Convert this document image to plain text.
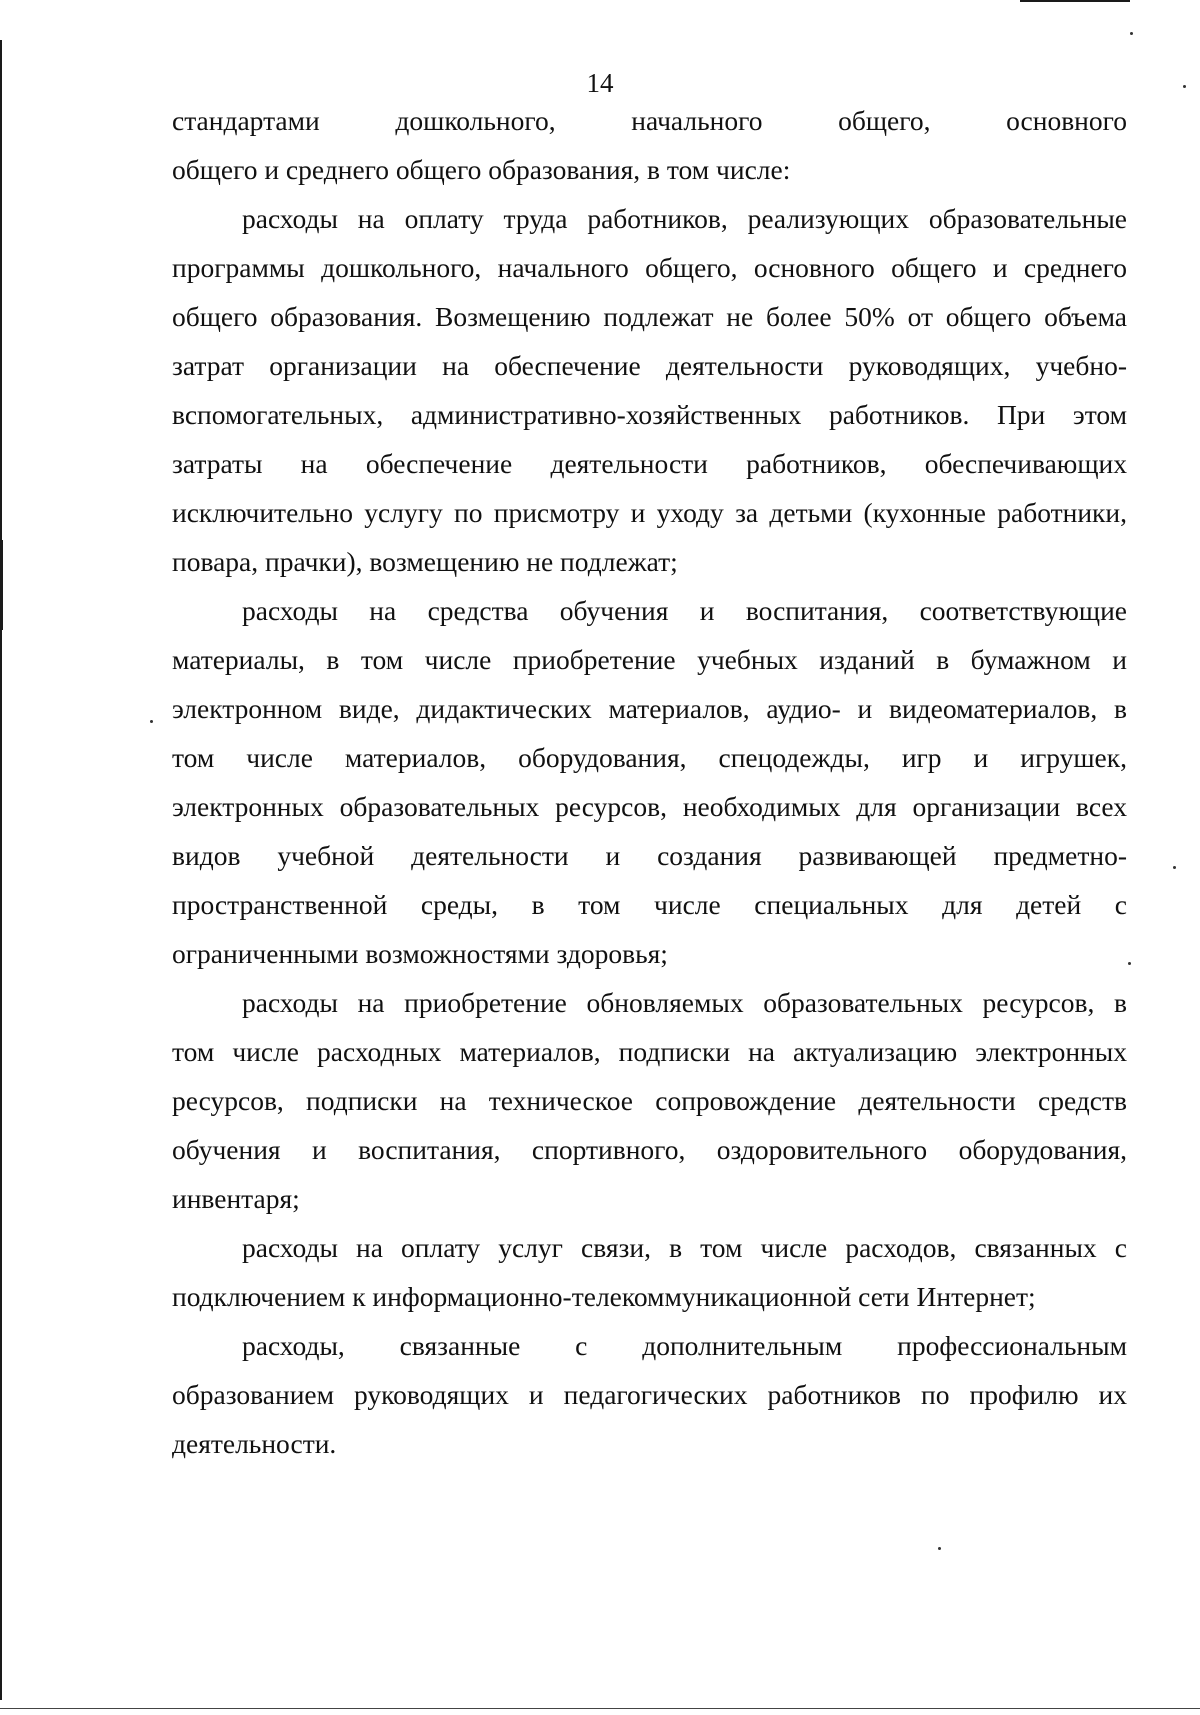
14
стандартами дошкольного, начального общего, основного
общего и среднего общего образования, в том числе:
расходы на оплату труда работников, реализующих образовательные
программы дошкольного, начального общего, основного общего и среднего
общего образования. Возмещению подлежат не более 50% от общего объема
затрат организации на обеспечение деятельности руководящих, учебно-
вспомогательных, административно-хозяйственных работников. При этом
затраты на обеспечение деятельности работников, обеспечивающих
исключительно услугу по присмотру и уходу за детьми (кухонные работники,
повара, прачки), возмещению не подлежат;
расходы на средства обучения и воспитания, соответствующие
материалы, в том числе приобретение учебных изданий в бумажном и
электронном виде, дидактических материалов, аудио- и видеоматериалов, в
том числе материалов, оборудования, спецодежды, игр и игрушек,
электронных образовательных ресурсов, необходимых для организации всех
видов учебной деятельности и создания развивающей предметно-
пространственной среды, в том числе специальных для детей с
ограниченными возможностями здоровья;
расходы на приобретение обновляемых образовательных ресурсов, в
том числе расходных материалов, подписки на актуализацию электронных
ресурсов, подписки на техническое сопровождение деятельности средств
обучения и воспитания, спортивного, оздоровительного оборудования,
инвентаря;
расходы на оплату услуг связи, в том числе расходов, связанных с
подключением к информационно-телекоммуникационной сети Интернет;
расходы, связанные с дополнительным профессиональным
образованием руководящих и педагогических работников по профилю их
деятельности.
